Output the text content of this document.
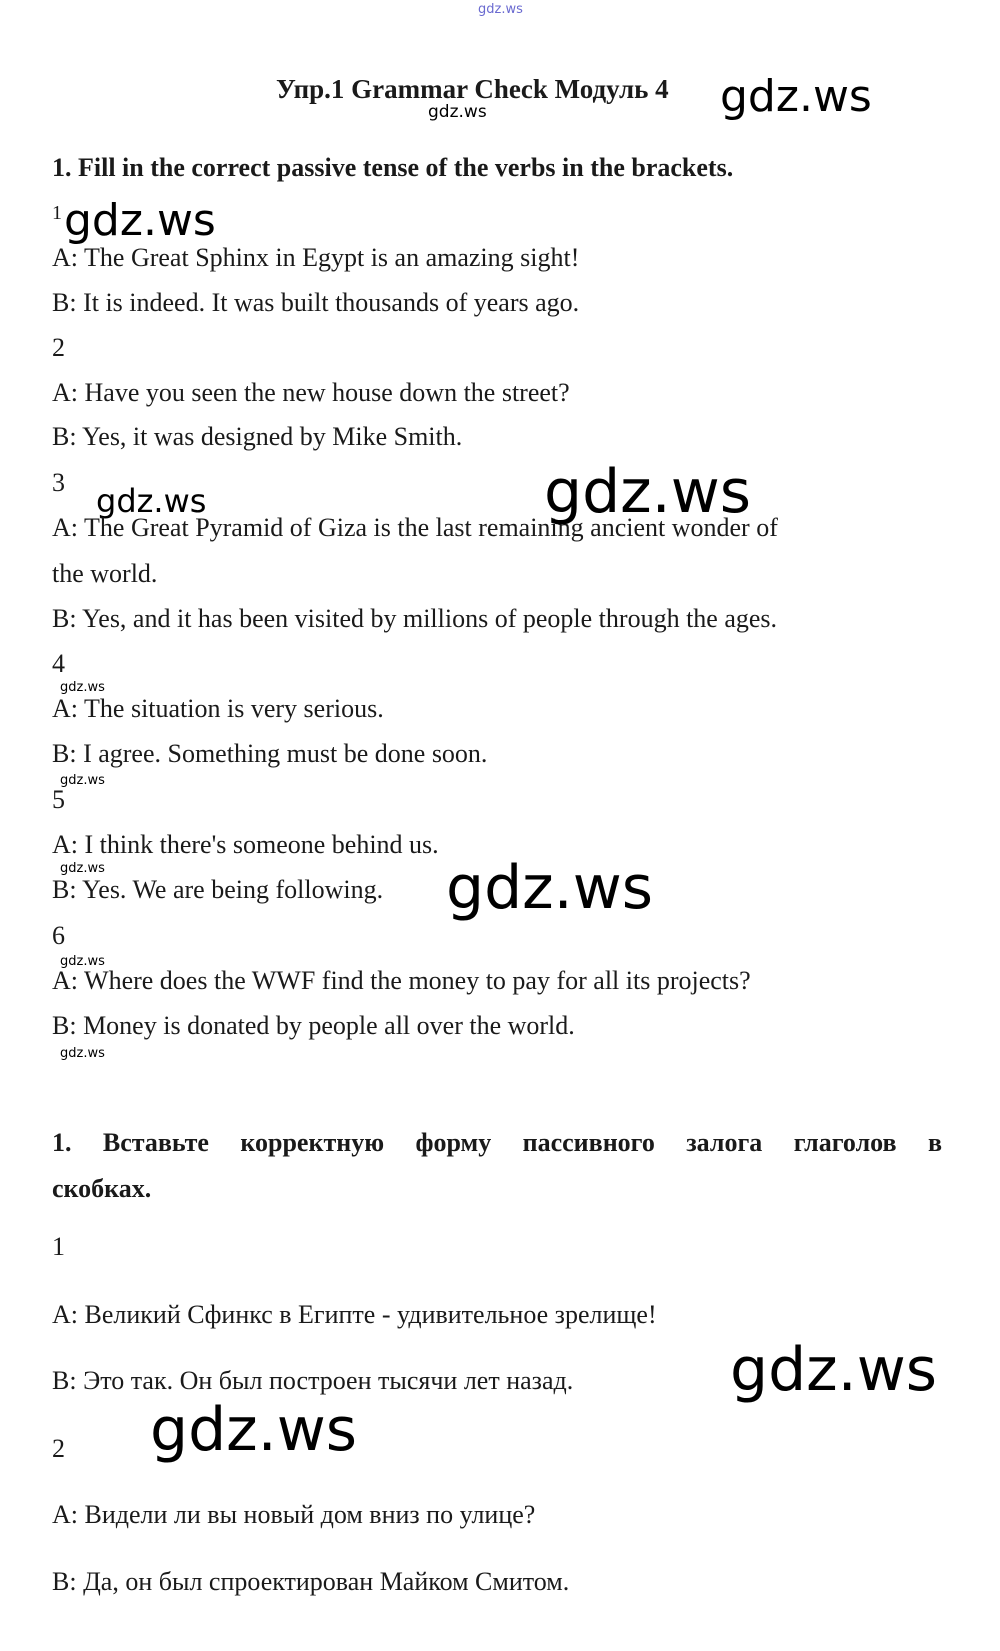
gdz.ws
Упр.1 Grammar Check Модуль 4 gdz.ws
gdz.ws
1. Fill in the correct passive tense of the verbs in the brackets.
1 gdz.ws
A: The Great Sphinx in Egypt is an amazing sight!
B: It is indeed. It was built thousands of years ago.
2
A: Have you seen the new house down the street?
B: Yes, it was designed by Mike Smith.
3 gdz.ws
A: The Great Pyramid of Giza is the last remaining ancient wonder of
the world.
B: Yes, and it has been visited by millions of people through the ages.
gdz.ws
4
gdz.ws
A: The situation is very serious.
B: I agree. Something must be done soon.
gdz.ws
5
A: I think there's someone behind us.
gdz.ws
B: Yes. We are being following. gdz.ws
6
gdz.ws
A: Where does the WWF find the money to pay for all its projects?
B: Money is donated by people all over the world.
gdz.ws
1. Вставьте корректную форму пассивного залога глаголов в
скобках.
1
A: Великий Сфинкс в Египте - удивительное зрелище!
gdz.ws
B: Это так. Он был построен тысячи лет назад.
gdz.ws
2
A: Видели ли вы новый дом вниз по улице?
B: Да, он был спроектирован Майком Смитом.
